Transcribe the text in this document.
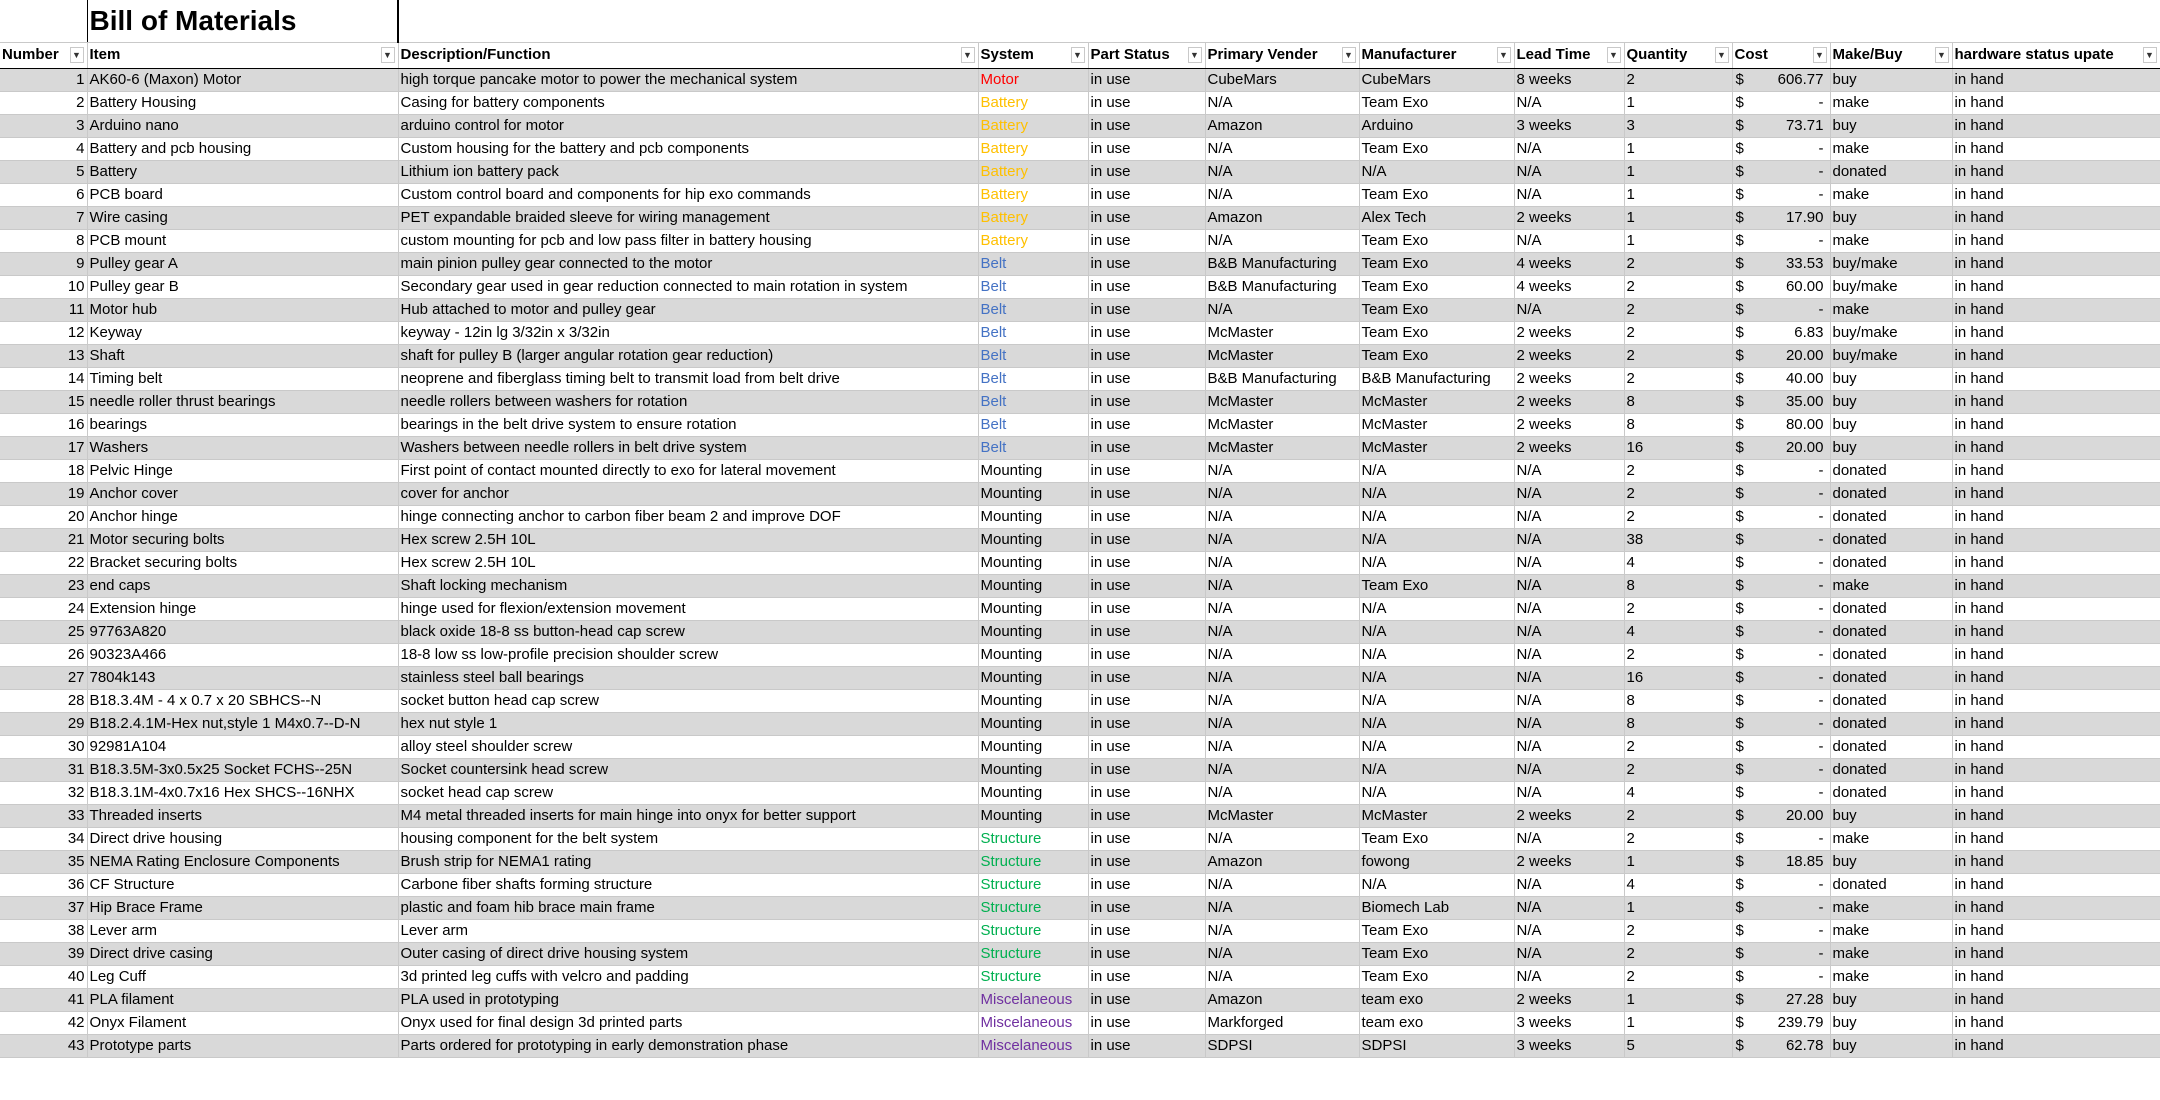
	Bill of Materials										
Number ▼	Item ▼	Description/Function ▼	System ▼	Part Status ▼	Primary Vender ▼	Manufacturer ▼	Lead Time ▼	Quantity ▼	Cost ▼	Make/Buy ▼	hardware status upate ▼

1	AK60-6 (Maxon) Motor	high torque pancake motor to power the mechanical system	Motor	in use	CubeMars	CubeMars	8 weeks	2	$ 606.77	buy	in hand
2	Battery Housing	Casing for battery components	Battery	in use	N/A	Team Exo	N/A	1	$ -	make	in hand
3	Arduino nano	arduino control for motor	Battery	in use	Amazon	Arduino	3 weeks	3	$ 73.71	buy	in hand
4	Battery and pcb housing	Custom housing for the battery and pcb components	Battery	in use	N/A	Team Exo	N/A	1	$ -	make	in hand
5	Battery	Lithium ion battery pack	Battery	in use	N/A	N/A	N/A	1	$ -	donated	in hand
6	PCB board	Custom control board and components for hip exo commands	Battery	in use	N/A	Team Exo	N/A	1	$ -	make	in hand
7	Wire casing	PET expandable braided sleeve for wiring management	Battery	in use	Amazon	Alex Tech	2 weeks	1	$ 17.90	buy	in hand
8	PCB mount	custom mounting for pcb and low pass filter in battery housing	Battery	in use	N/A	Team Exo	N/A	1	$ -	make	in hand
9	Pulley gear A	main pinion pulley gear connected to the motor	Belt	in use	B&B Manufacturing	Team Exo	4 weeks	2	$ 33.53	buy/make	in hand
10	Pulley gear B	Secondary gear used in gear reduction connected to main rotation in system	Belt	in use	B&B Manufacturing	Team Exo	4 weeks	2	$ 60.00	buy/make	in hand
11	Motor hub	Hub attached to motor and pulley gear	Belt	in use	N/A	Team Exo	N/A	2	$ -	make	in hand
12	Keyway	keyway - 12in lg 3/32in x 3/32in	Belt	in use	McMaster	Team Exo	2 weeks	2	$ 6.83	buy/make	in hand
13	Shaft	shaft for pulley B (larger angular rotation gear reduction)	Belt	in use	McMaster	Team Exo	2 weeks	2	$ 20.00	buy/make	in hand
14	Timing belt	neoprene and fiberglass timing belt to transmit load from belt drive	Belt	in use	B&B Manufacturing	B&B Manufacturing	2 weeks	2	$ 40.00	buy	in hand
15	needle roller thrust bearings	needle rollers between washers for rotation	Belt	in use	McMaster	McMaster	2 weeks	8	$ 35.00	buy	in hand
16	bearings	bearings in the belt drive system to ensure rotation	Belt	in use	McMaster	McMaster	2 weeks	8	$ 80.00	buy	in hand
17	Washers	Washers between needle rollers in belt drive system	Belt	in use	McMaster	McMaster	2 weeks	16	$ 20.00	buy	in hand
18	Pelvic Hinge	First point of contact mounted directly to exo for lateral movement	Mounting	in use	N/A	N/A	N/A	2	$ -	donated	in hand
19	Anchor cover	cover for anchor	Mounting	in use	N/A	N/A	N/A	2	$ -	donated	in hand
20	Anchor hinge	hinge connecting anchor to carbon fiber beam 2 and improve DOF	Mounting	in use	N/A	N/A	N/A	2	$ -	donated	in hand
21	Motor securing bolts	Hex screw 2.5H 10L	Mounting	in use	N/A	N/A	N/A	38	$ -	donated	in hand
22	Bracket securing bolts	Hex screw 2.5H 10L	Mounting	in use	N/A	N/A	N/A	4	$ -	donated	in hand
23	end caps	Shaft locking mechanism	Mounting	in use	N/A	Team Exo	N/A	8	$ -	make	in hand
24	Extension hinge	hinge used for flexion/extension movement	Mounting	in use	N/A	N/A	N/A	2	$ -	donated	in hand
25	97763A820	black oxide 18-8 ss button-head cap screw	Mounting	in use	N/A	N/A	N/A	4	$ -	donated	in hand
26	90323A466	18-8 low ss low-profile precision shoulder screw	Mounting	in use	N/A	N/A	N/A	2	$ -	donated	in hand
27	7804k143	stainless steel ball bearings	Mounting	in use	N/A	N/A	N/A	16	$ -	donated	in hand
28	B18.3.4M - 4 x 0.7 x 20 SBHCS--N	socket button head cap screw	Mounting	in use	N/A	N/A	N/A	8	$ -	donated	in hand
29	B18.2.4.1M-Hex nut,style 1 M4x0.7--D-N	hex nut style 1	Mounting	in use	N/A	N/A	N/A	8	$ -	donated	in hand
30	92981A104	alloy steel shoulder screw	Mounting	in use	N/A	N/A	N/A	2	$ -	donated	in hand
31	B18.3.5M-3x0.5x25 Socket FCHS--25N	Socket countersink head screw	Mounting	in use	N/A	N/A	N/A	2	$ -	donated	in hand
32	B18.3.1M-4x0.7x16 Hex SHCS--16NHX	socket head cap screw	Mounting	in use	N/A	N/A	N/A	4	$ -	donated	in hand
33	Threaded inserts	M4 metal threaded inserts for main hinge into onyx for better support	Mounting	in use	McMaster	McMaster	2 weeks	2	$ 20.00	buy	in hand
34	Direct drive housing	housing component for the belt system	Structure	in use	N/A	Team Exo	N/A	2	$ -	make	in hand
35	NEMA Rating Enclosure Components	Brush strip for NEMA1 rating	Structure	in use	Amazon	fowong	2 weeks	1	$ 18.85	buy	in hand
36	CF Structure	Carbone fiber shafts forming structure	Structure	in use	N/A	N/A	N/A	4	$ -	donated	in hand
37	Hip Brace Frame	plastic and foam hib brace main frame	Structure	in use	N/A	Biomech Lab	N/A	1	$ -	make	in hand
38	Lever arm	Lever arm	Structure	in use	N/A	Team Exo	N/A	2	$ -	make	in hand
39	Direct drive casing	Outer casing of direct drive housing system	Structure	in use	N/A	Team Exo	N/A	2	$ -	make	in hand
40	Leg Cuff	3d printed leg cuffs with velcro and padding	Structure	in use	N/A	Team Exo	N/A	2	$ -	make	in hand
41	PLA filament	PLA used in prototyping	Miscelaneous	in use	Amazon	team exo	2 weeks	1	$ 27.28	buy	in hand
42	Onyx Filament	Onyx used for final design 3d printed parts	Miscelaneous	in use	Markforged	team exo	3 weeks	1	$ 239.79	buy	in hand
43	Prototype parts	Parts ordered for prototyping in early demonstration phase	Miscelaneous	in use	SDPSI	SDPSI	3 weeks	5	$ 62.78	buy	in hand
